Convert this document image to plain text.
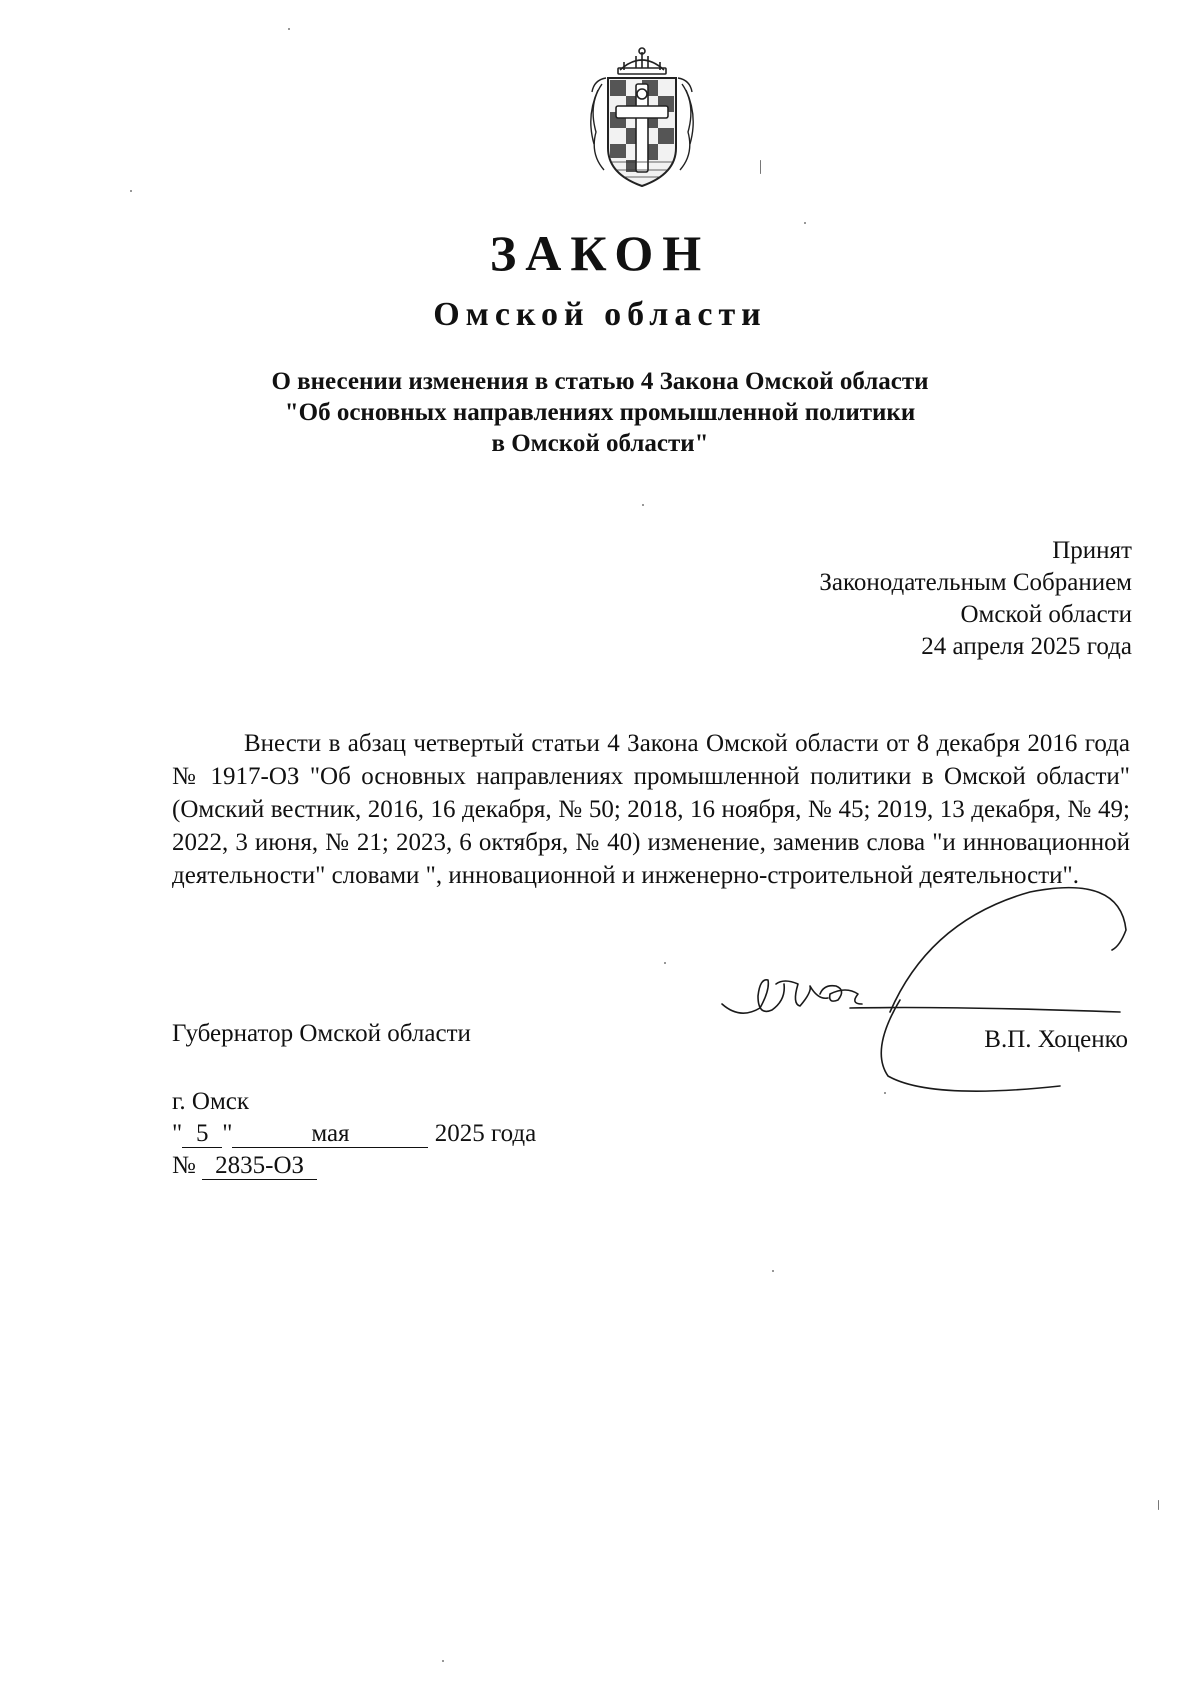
ЗАКОН
Омской области
О внесении изменения в статью 4 Закона Омской области
"Об основных направлениях промышленной политики
в Омской области"
Принят
Законодательным Собранием
Омской области
24 апреля 2025 года

Внести в абзац четвертый статьи 4 Закона Омской области от 8 декабря 2016 года № 1917-ОЗ "Об основных направлениях промышленной политики в Омской области" (Омский вестник, 2016, 16 декабря, № 50; 2018, 16 ноября, № 45; 2019, 13 декабря, № 49; 2022, 3 июня, № 21; 2023, 6 октября, № 40) изменение, заменив слова "и инновационной деятельности" словами ", инновационной и инженерно-строительной деятельности".

Губернатор Омской области	В.П. Хоценко
г. Омск
" 5 "	мая	2025 года
№ 2835-ОЗ
